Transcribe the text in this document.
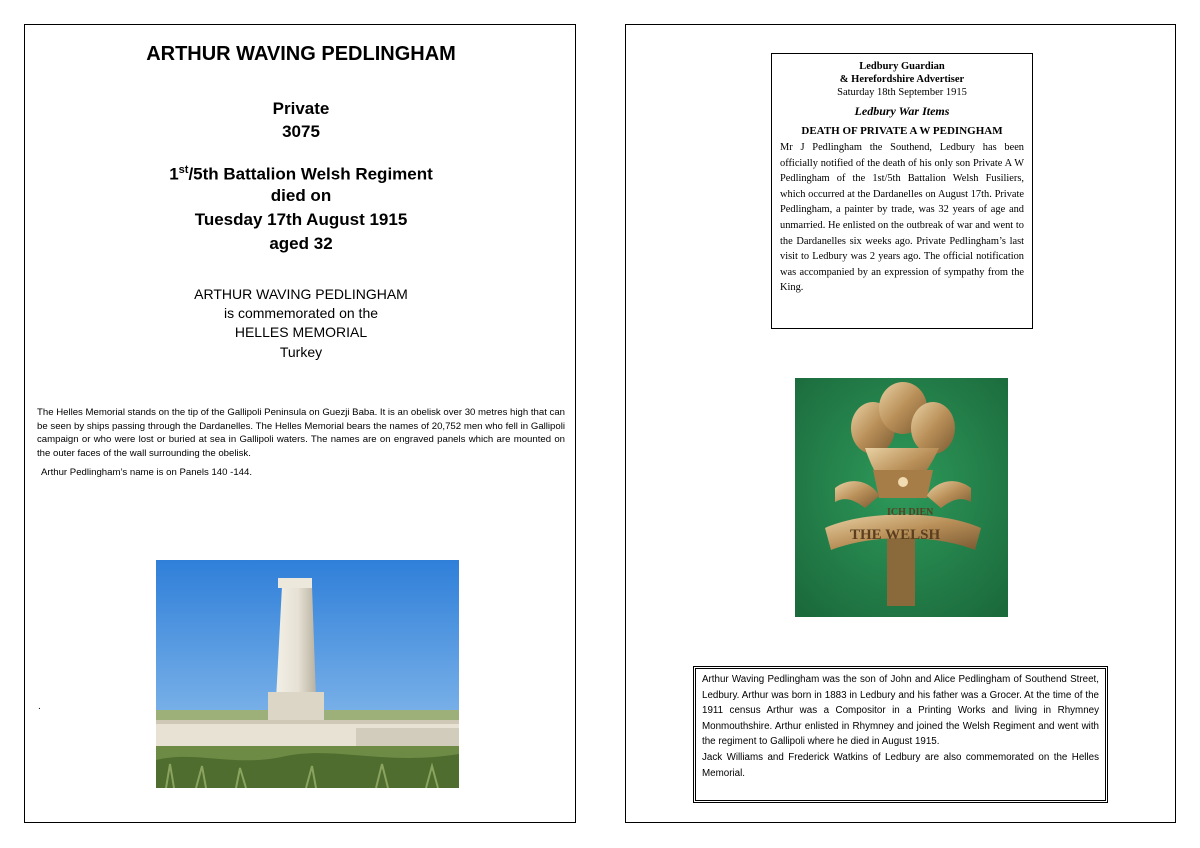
ARTHUR WAVING PEDLINGHAM
Private
3075
1st/5th Battalion Welsh Regiment
died on
Tuesday 17th August 1915
aged 32
ARTHUR WAVING PEDLINGHAM
is commemorated on the
HELLES MEMORIAL
Turkey
The Helles Memorial stands on the tip of the Gallipoli Peninsula on Guezji Baba. It is an obelisk over 30 metres high that can be seen by ships passing through the Dardanelles. The Helles Memorial bears the names of 20,752 men who fell in Gallipoli campaign or who were lost or buried at sea in Gallipoli waters. The names are on engraved panels which are mounted on the outer faces of the wall surrounding the obelisk.
Arthur Pedlingham’s name is on Panels 140 -144.
.
Ledbury Guardian
& Herefordshire Advertiser
Saturday 18th September 1915
Ledbury War Items
DEATH OF PRIVATE A W PEDINGHAM
Mr J Pedlingham the Southend, Ledbury has been officially notified of the death of his only son Private A W Pedlingham of the 1st/5th Battalion Welsh Fusiliers, which occurred at the Dardanelles on August 17th. Private Pedlingham, a painter by trade, was 32 years of age and unmarried. He enlisted on the outbreak of war and went to the Dardanelles six weeks ago. Private Pedlingham’s last visit to Ledbury was 2 years ago. The official notification was accompanied by an expression of sympathy from the King.
ICH DIEN
THE WELSH
Arthur Waving Pedlingham was the son of John and Alice Pedlingham of Southend Street, Ledbury. Arthur was born in 1883 in Ledbury and his father was a Grocer. At the time of the 1911 census Arthur was a Compositor in a Printing Works and living in Rhymney Monmouthshire. Arthur enlisted in Rhymney and joined the Welsh Regiment and went with the regiment to Gallipoli where he died in August 1915.
Jack Williams and Frederick Watkins of Ledbury are also commemorated on the Helles Memorial.
